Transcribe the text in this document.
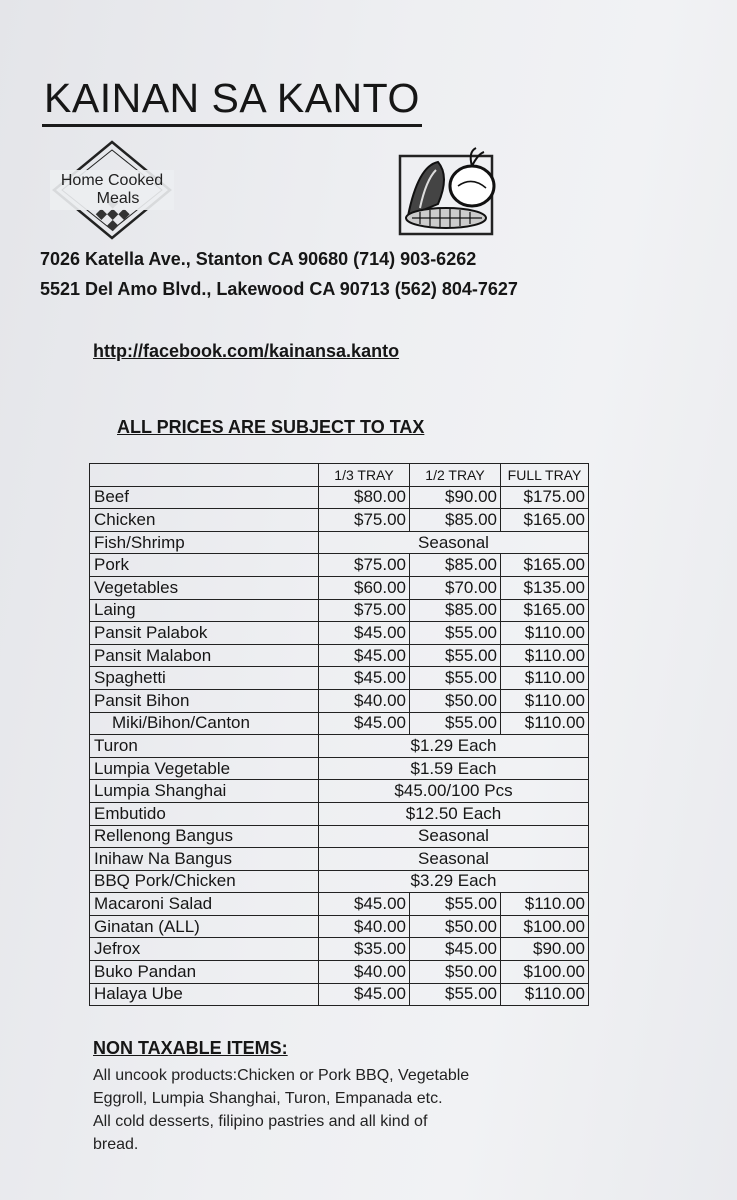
KAINAN SA KANTO
Home Cooked
Meals
7026 Katella Ave., Stanton CA 90680 (714) 903-6262
5521 Del Amo Blvd., Lakewood CA 90713 (562) 804-7627
http://facebook.com/kainansa.kanto
ALL PRICES ARE SUBJECT TO TAX
	1/3 TRAY	1/2 TRAY	FULL TRAY
Beef	$80.00	$90.00	$175.00
Chicken	$75.00	$85.00	$165.00
Fish/Shrimp	Seasonal		
Pork	$75.00	$85.00	$165.00
Vegetables	$60.00	$70.00	$135.00
Laing	$75.00	$85.00	$165.00
Pansit Palabok	$45.00	$55.00	$110.00
Pansit Malabon	$45.00	$55.00	$110.00
Spaghetti	$45.00	$55.00	$110.00
Pansit Bihon	$40.00	$50.00	$110.00
Miki/Bihon/Canton	$45.00	$55.00	$110.00
Turon	$1.29 Each		
Lumpia Vegetable	$1.59 Each		
Lumpia Shanghai	$45.00/100 Pcs		
Embutido	$12.50 Each		
Rellenong Bangus	Seasonal		
Inihaw Na Bangus	Seasonal		
BBQ Pork/Chicken	$3.29 Each		
Macaroni Salad	$45.00	$55.00	$110.00
Ginatan (ALL)	$40.00	$50.00	$100.00
Jefrox	$35.00	$45.00	$90.00
Buko Pandan	$40.00	$50.00	$100.00
Halaya Ube	$45.00	$55.00	$110.00
NON TAXABLE ITEMS:
All uncook products:Chicken or Pork BBQ, Vegetable
Eggroll, Lumpia Shanghai, Turon, Empanada etc.
All cold desserts, filipino pastries and all kind of
bread.
